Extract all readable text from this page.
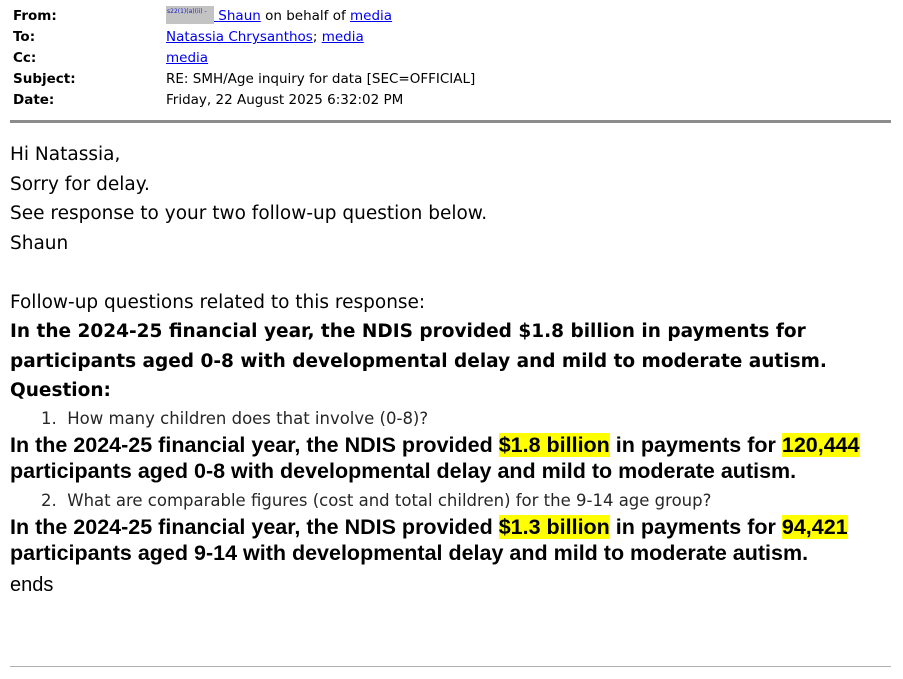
From:	s22(1)(a)(ii) - Shaun on behalf of media
To:	Natassia Chrysanthos; media
Cc:	media
Subject:	RE: SMH/Age inquiry for data [SEC=OFFICIAL]
Date:	Friday, 22 August 2025 6:32:02 PM
Hi Natassia,
Sorry for delay.
See response to your two follow-up question below.
Shaun

Follow-up questions related to this response:
In the 2024-25 financial year, the NDIS provided $1.8 billion in payments for participants aged 0-8 with developmental delay and mild to moderate autism.
Question:
1. How many children does that involve (0-8)?
In the 2024-25 financial year, the NDIS provided $1.8 billion in payments for 120,444 participants aged 0-8 with developmental delay and mild to moderate autism.
2. What are comparable figures (cost and total children) for the 9-14 age group?
In the 2024-25 financial year, the NDIS provided $1.3 billion in payments for 94,421 participants aged 9-14 with developmental delay and mild to moderate autism.
ends
